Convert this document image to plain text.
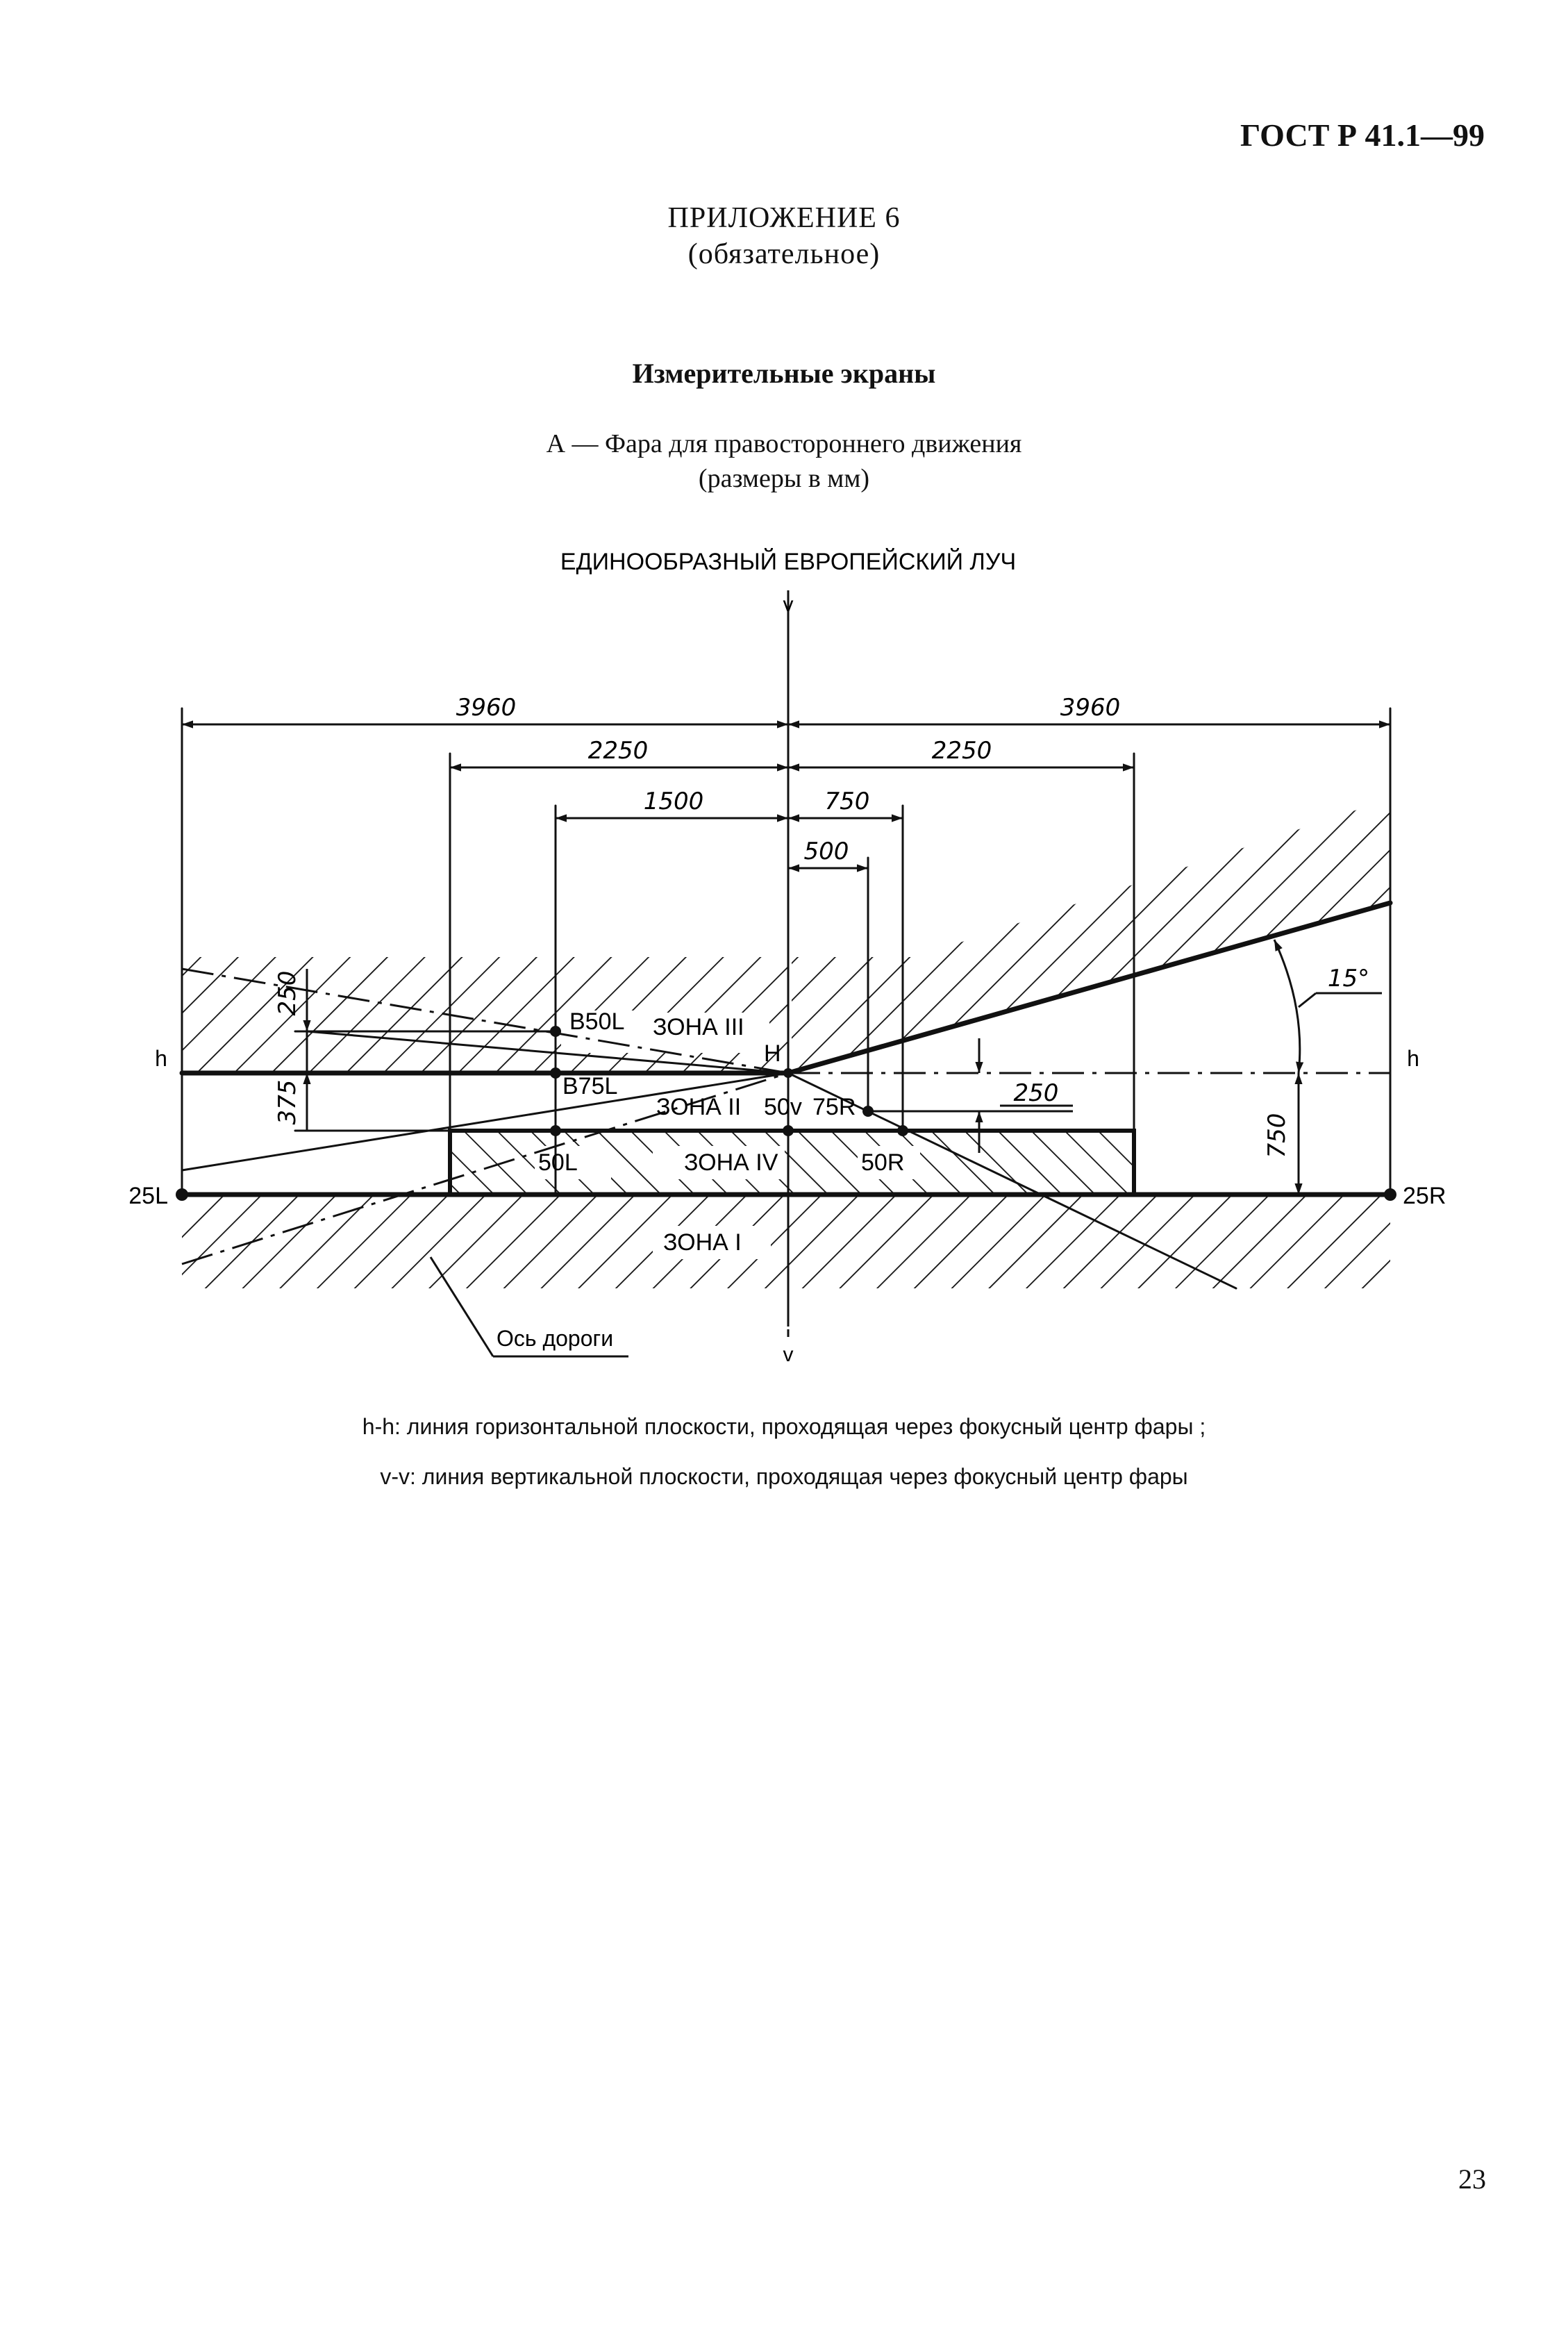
ГОСТ Р 41.1—99
ПРИЛОЖЕНИЕ 6
(обязательное)
Измерительные экраны
А — Фара для правостороннего движения
(размеры в мм)
ЕДИНООБРАЗНЫЙ ЕВРОПЕЙСКИЙ ЛУЧ
v
v
h	h
25L	25R
B50L
B75L
H
50v 75R
50L	50R
ЗОНА III
ЗОНА II
ЗОНА IV
ЗОНА I
Ось дороги
3960	3960
2250	2250
1500	750
500
250
375	250
750
15°
h-h: линия горизонтальной плоскости, проходящая через фокусный центр фары ;
v-v: линия вертикальной плоскости, проходящая через фокусный центр фары
23
